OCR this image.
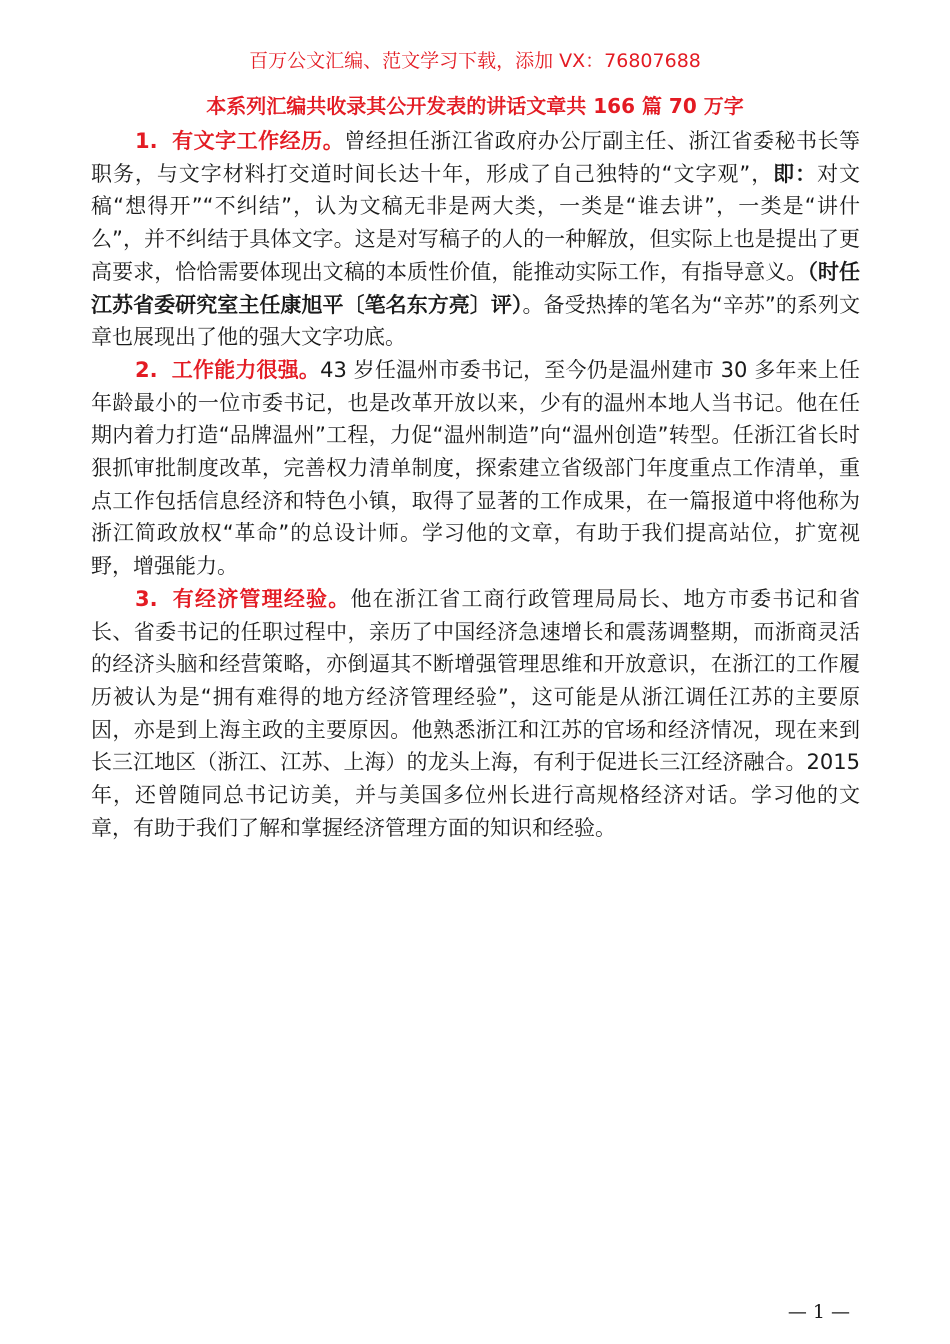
百万公文汇编、范文学习下载，添加 VX：76807688
本系列汇编共收录其公开发表的讲话文章共 166 篇 70 万字

1. 有文字工作经历。曾经担任浙江省政府办公厅副主任、浙江省委秘书长等职务，与文字材料打交道时间长达十年，形成了自己独特的“文字观”，即：对文稿“想得开”“不纠结”，认为文稿无非是两大类，一类是“谁去讲”，一类是“讲什么”，并不纠结于具体文字。这是对写稿子的人的一种解放，但实际上也是提出了更高要求，恰恰需要体现出文稿的本质性价值，能推动实际工作，有指导意义。（时任江苏省委研究室主任康旭平〔笔名东方亮〕评）。备受热捧的笔名为“辛苏”的系列文章也展现出了他的强大文字功底。

2. 工作能力很强。43 岁任温州市委书记，至今仍是温州建市 30 多年来上任年龄最小的一位市委书记，也是改革开放以来，少有的温州本地人当书记。他在任期内着力打造“品牌温州”工程，力促“温州制造”向“温州创造”转型。任浙江省长时狠抓审批制度改革，完善权力清单制度，探索建立省级部门年度重点工作清单，重点工作包括信息经济和特色小镇，取得了显著的工作成果，在一篇报道中将他称为浙江简政放权“革命”的总设计师。学习他的文章，有助于我们提高站位，扩宽视野，增强能力。

3. 有经济管理经验。他在浙江省工商行政管理局局长、地方市委书记和省长、省委书记的任职过程中，亲历了中国经济急速增长和震荡调整期，而浙商灵活的经济头脑和经营策略，亦倒逼其不断增强管理思维和开放意识，在浙江的工作履历被认为是“拥有难得的地方经济管理经验”，这可能是从浙江调任江苏的主要原因，亦是到上海主政的主要原因。他熟悉浙江和江苏的官场和经济情况，现在来到长三江地区（浙江、江苏、上海）的龙头上海，有利于促进长三江经济融合。2015 年，还曾随同总书记访美，并与美国多位州长进行高规格经济对话。学习他的文章，有助于我们了解和掌握经济管理方面的知识和经验。

— 1 —
